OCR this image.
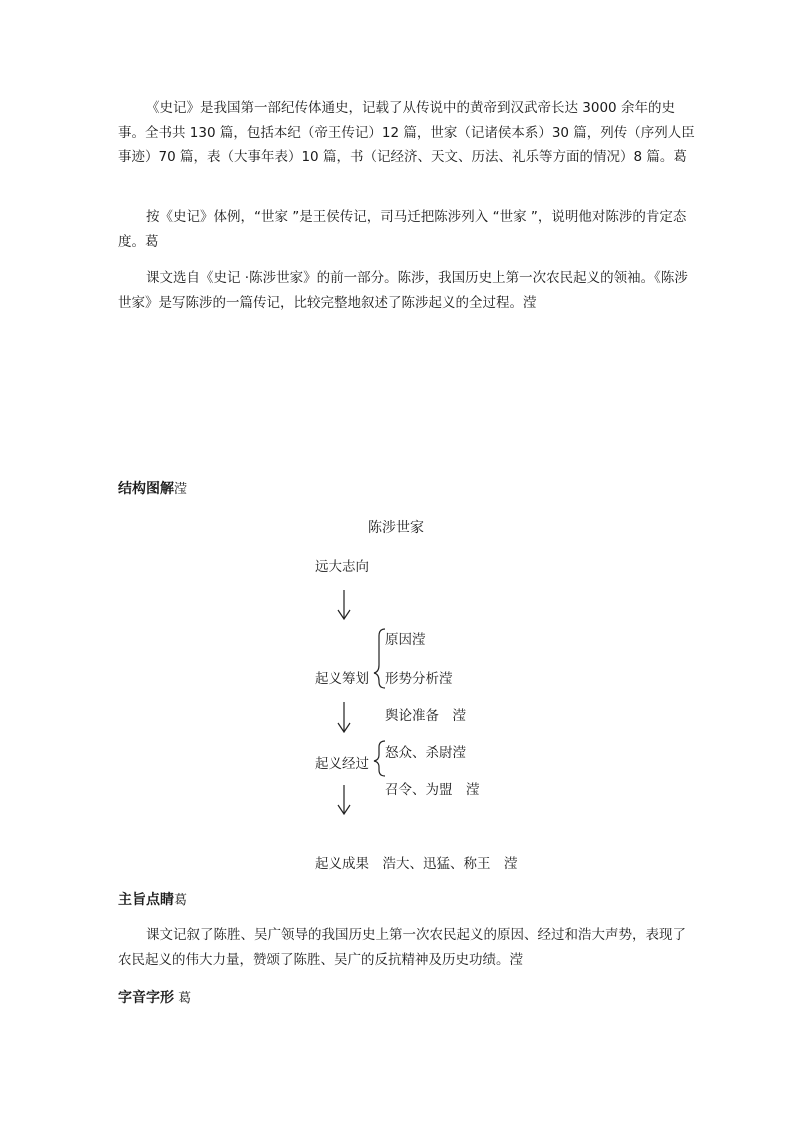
《史记》是我国第一部纪传体通史，记载了从传说中的黄帝到汉武帝长达 3000 余年的史事。全书共 130 篇，包括本纪（帝王传记）12 篇，世家（记诸侯本系）30 篇，列传（序列人臣事迹）70 篇，表（大事年表）10 篇，书（记经济、天文、历法、礼乐等方面的情况）8 篇。葛

按《史记》体例，“世家 ”是王侯传记，司马迁把陈涉列入 “世家 ”，说明他对陈涉的肯定态度。葛

课文选自《史记 ·陈涉世家》的前一部分。陈涉，我国历史上第一次农民起义的领袖。《陈涉世家》是写陈涉的一篇传记，比较完整地叙述了陈涉起义的全过程。滢

结构图解滢
陈涉世家
远大志向
原因滢
起义筹划 形势分析滢
舆论准备　滢
怒众、杀尉滢
起义经过
召令、为盟　滢
起义成果　浩大、迅猛、称王　滢
主旨点睛葛

课文记叙了陈胜、吴广领导的我国历史上第一次农民起义的原因、经过和浩大声势，表现了农民起义的伟大力量，赞颂了陈胜、吴广的反抗精神及历史功绩。滢

字音字形 葛
